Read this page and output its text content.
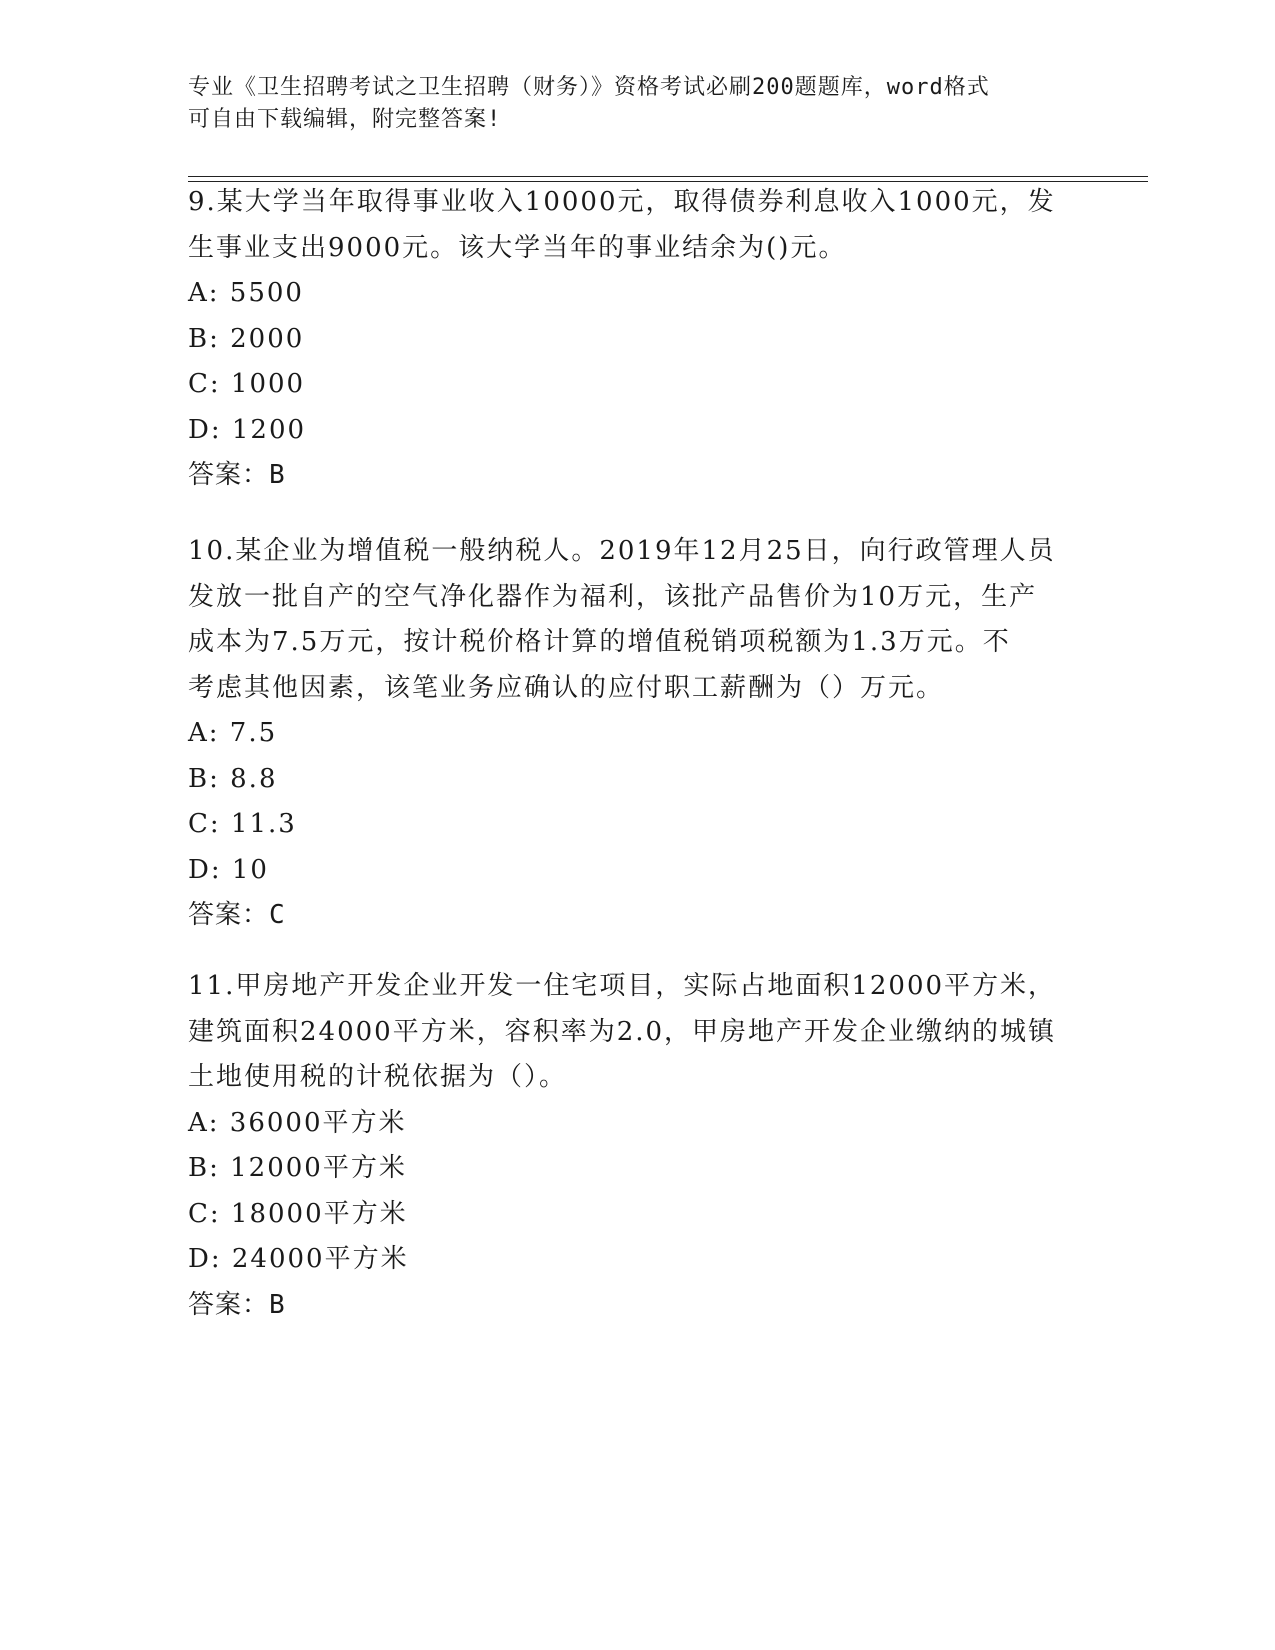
专业《卫生招聘考试之卫生招聘（财务）》资格考试必刷200题题库，word格式
可自由下载编辑，附完整答案!
9.某大学当年取得事业收入10000元，取得债券利息收入1000元，发
生事业支出9000元。该大学当年的事业结余为()元。
A: 5500
B: 2000
C: 1000
D: 1200
答案：B
10.某企业为增值税一般纳税人。2019年12月25日，向行政管理人员
发放一批自产的空气净化器作为福利，该批产品售价为10万元，生产
成本为7.5万元，按计税价格计算的增值税销项税额为1.3万元。不
考虑其他因素，该笔业务应确认的应付职工薪酬为（）万元。
A: 7.5
B: 8.8
C: 11.3
D: 10
答案：C
11.甲房地产开发企业开发一住宅项目，实际占地面积12000平方米，
建筑面积24000平方米，容积率为2.0，甲房地产开发企业缴纳的城镇
土地使用税的计税依据为（）。
A: 36000平方米
B: 12000平方米
C: 18000平方米
D: 24000平方米
答案：B
